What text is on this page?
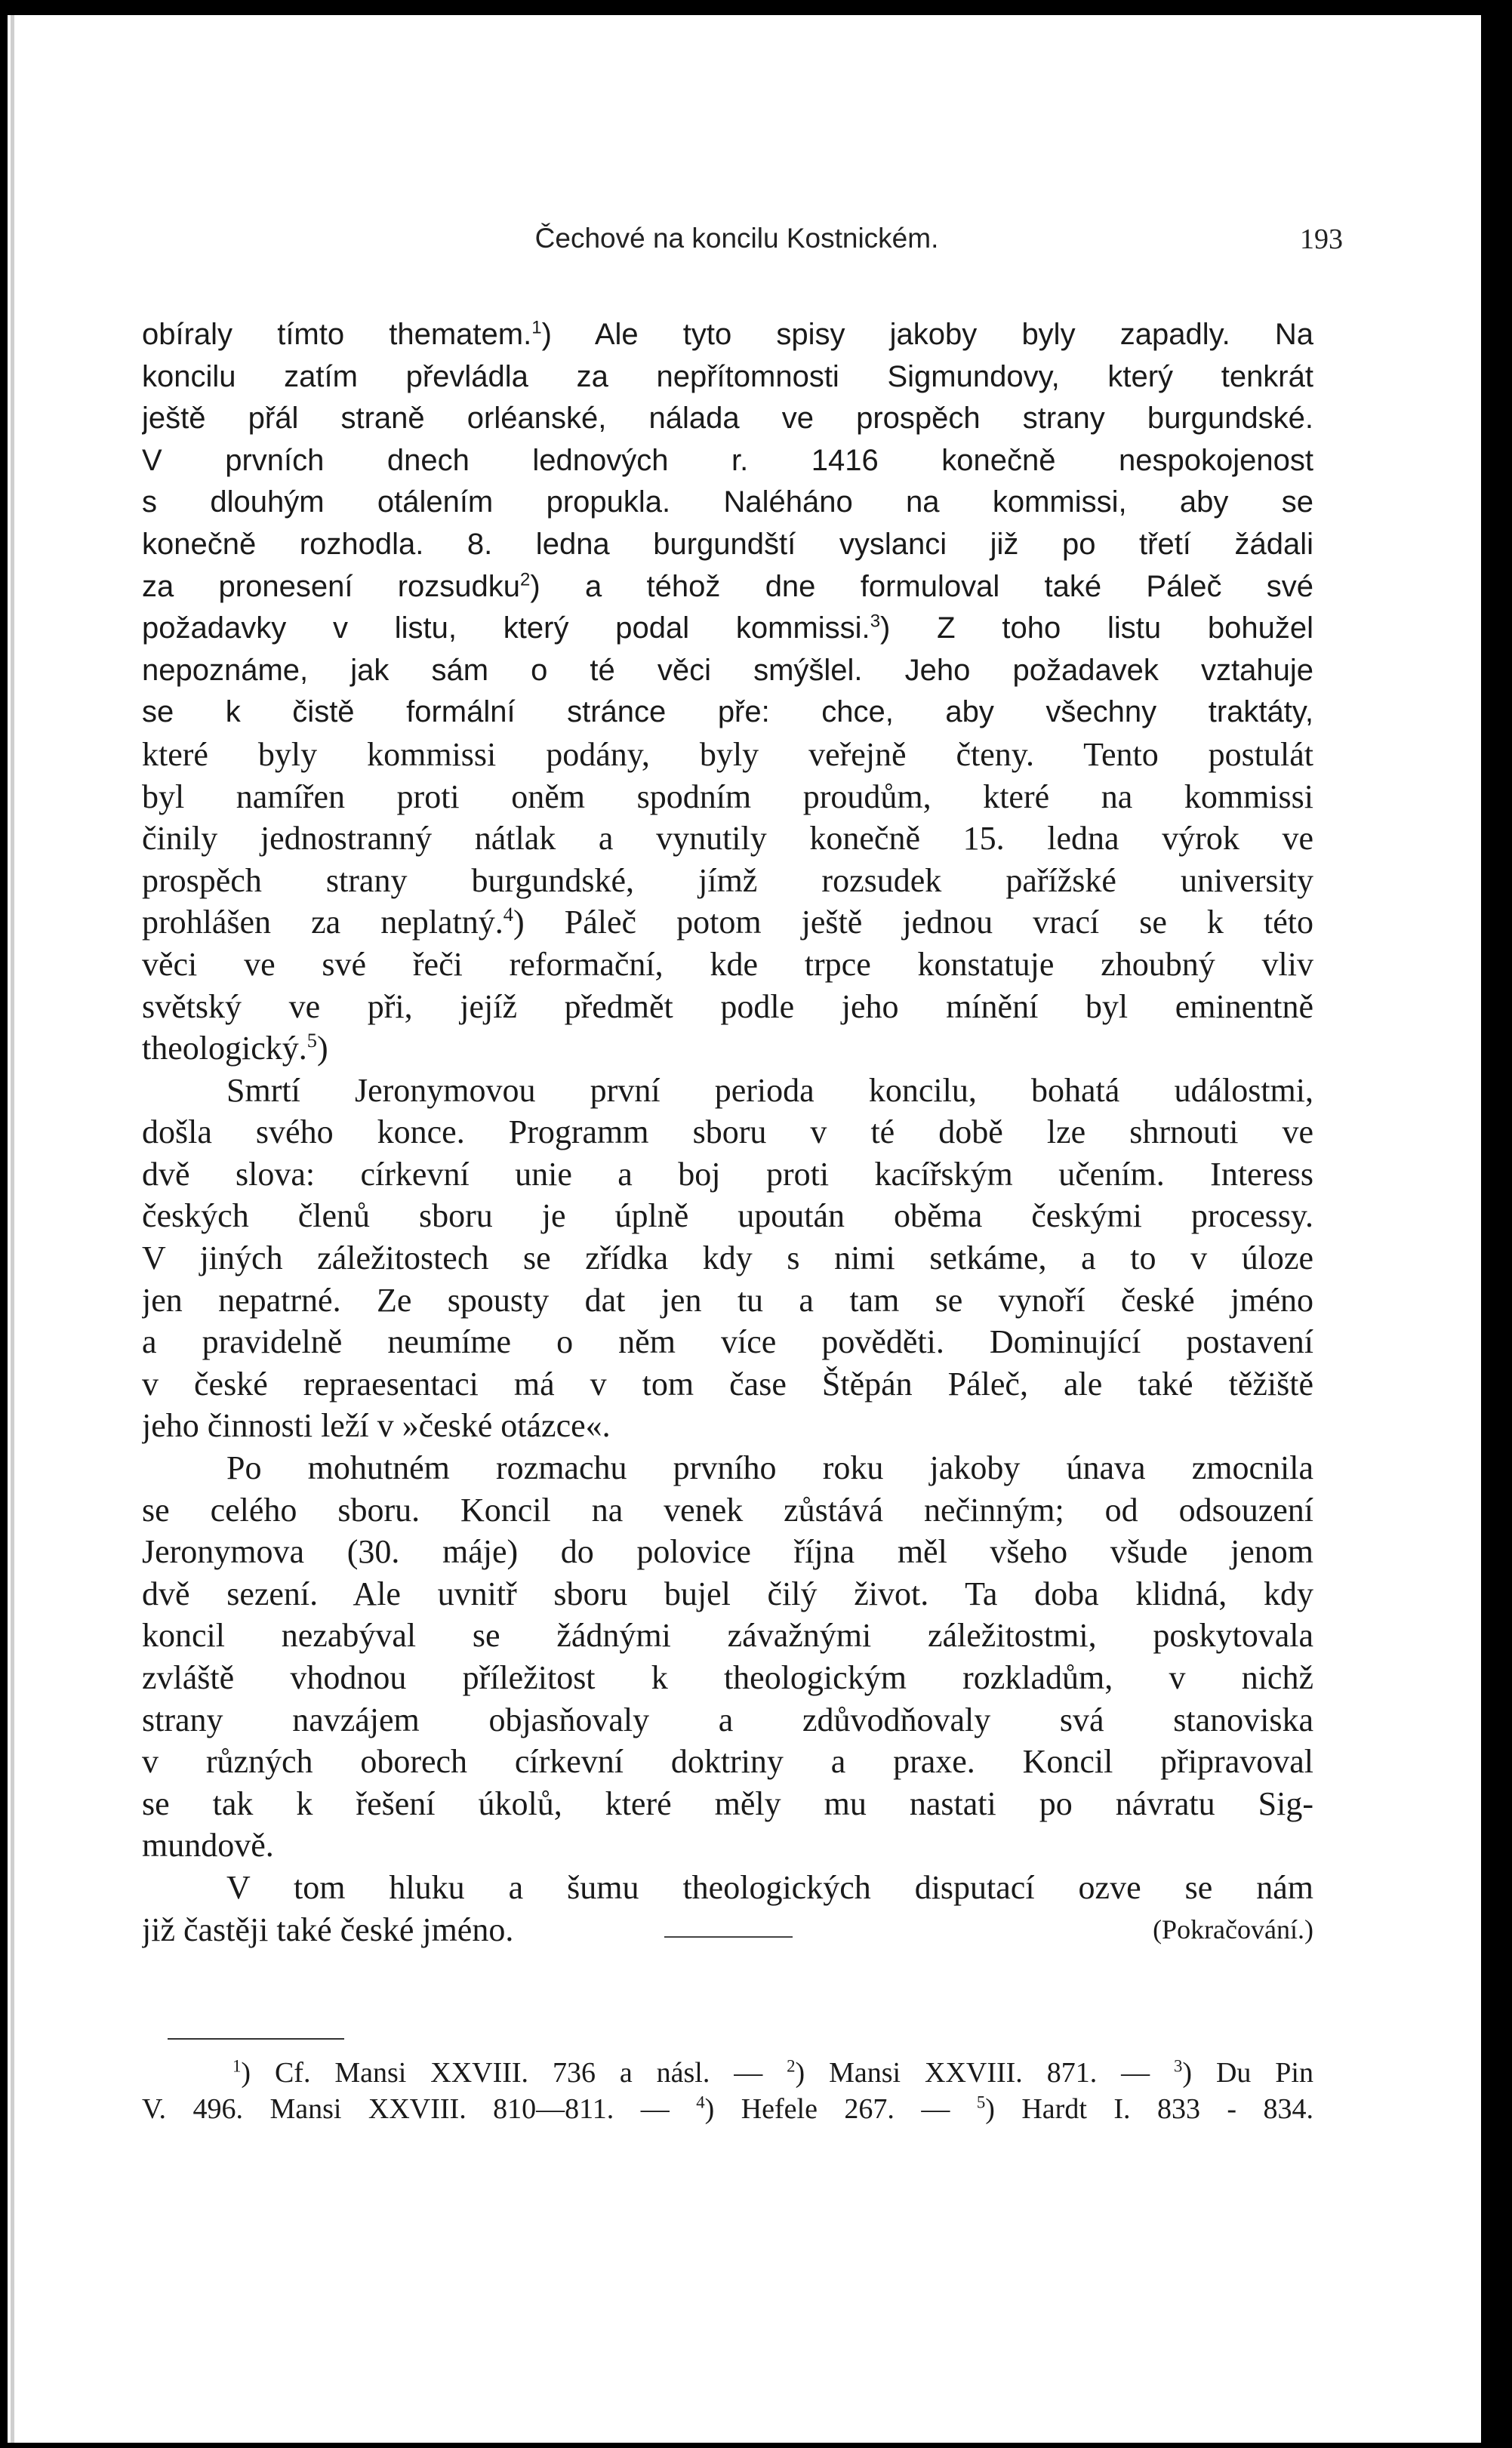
Čechové na koncilu Kostnickém.	193
obíraly tímto thematem.$^1$) Ale tyto spisy jakoby byly zapadly. Na
koncilu zatím převládla za nepřítomnosti Sigmundovy, který tenkrát
ještě přál straně orléanské, nálada ve prospěch strany burgundské.
V prvních dnech lednových r. 1416 konečně nespokojenost
s dlouhým otálením propukla. Naléháno na kommissi, aby se
konečně rozhodla. 8. ledna burgundští vyslanci již po třetí žádali
za pronesení rozsudku$^2$) a téhož dne formuloval také Páleč své
požadavky v listu, který podal kommissi.$^3$) Z toho listu bohužel
nepoznáme, jak sám o té věci smýšlel. Jeho požadavek vztahuje
se k čistě formální stránce pře: chce, aby všechny traktáty,
které byly kommissi podány, byly veřejně čteny. Tento postulát
byl namířen proti oněm spodním proudům, které na kommissi
činily jednostranný nátlak a vynutily konečně 15. ledna výrok ve
prospěch strany burgundské, jímž rozsudek pařížské university
prohlášen za neplatný.$^4$) Páleč potom ještě jednou vrací se k této
věci ve své řeči reformační, kde trpce konstatuje zhoubný vliv
světský ve při, jejíž předmět podle jeho mínění byl eminentně
theologický.$^5$)
Smrtí Jeronymovou první perioda koncilu, bohatá událostmi,
došla svého konce. Programm sboru v té době lze shrnouti ve
dvě slova: církevní unie a boj proti kacířským učením. Interess
českých členů sboru je úplně upoután oběma českými processy.
V jiných záležitostech se zřídka kdy s nimi setkáme, a to v úloze
jen nepatrné. Ze spousty dat jen tu a tam se vynoří české jméno
a pravidelně neumíme o něm více pověděti. Dominující postavení
v české repraesentaci má v tom čase Štěpán Páleč, ale také těžiště
jeho činnosti leží v »české otázce«.
Po mohutném rozmachu prvního roku jakoby únava zmocnila
se celého sboru. Koncil na venek zůstává nečinným; od odsouzení
Jeronymova (30. máje) do polovice října měl všeho všude jenom
dvě sezení. Ale uvnitř sboru bujel čilý život. Ta doba klidná, kdy
koncil nezabýval se žádnými závažnými záležitostmi, poskytovala
zvláště vhodnou příležitost k theologickým rozkladům, v nichž
strany navzájem objasňovaly a zdůvodňovaly svá stanoviska
v různých oborech církevní doktriny a praxe. Koncil připravoval
se tak k řešení úkolů, které měly mu nastati po návratu Sig-
mundově.
V tom hluku a šumu theologických disputací ozve se nám
již častěji také české jméno.	(Pokračování.)
$^1$) Cf. Mansi XXVIII. 736 a násl. — $^2$) Mansi XXVIII. 871. — $^3$) Du Pin
V. 496. Mansi XXVIII. 810—811. — $^4$) Hefele 267. — $^5$) Hardt I. 833 - 834.
